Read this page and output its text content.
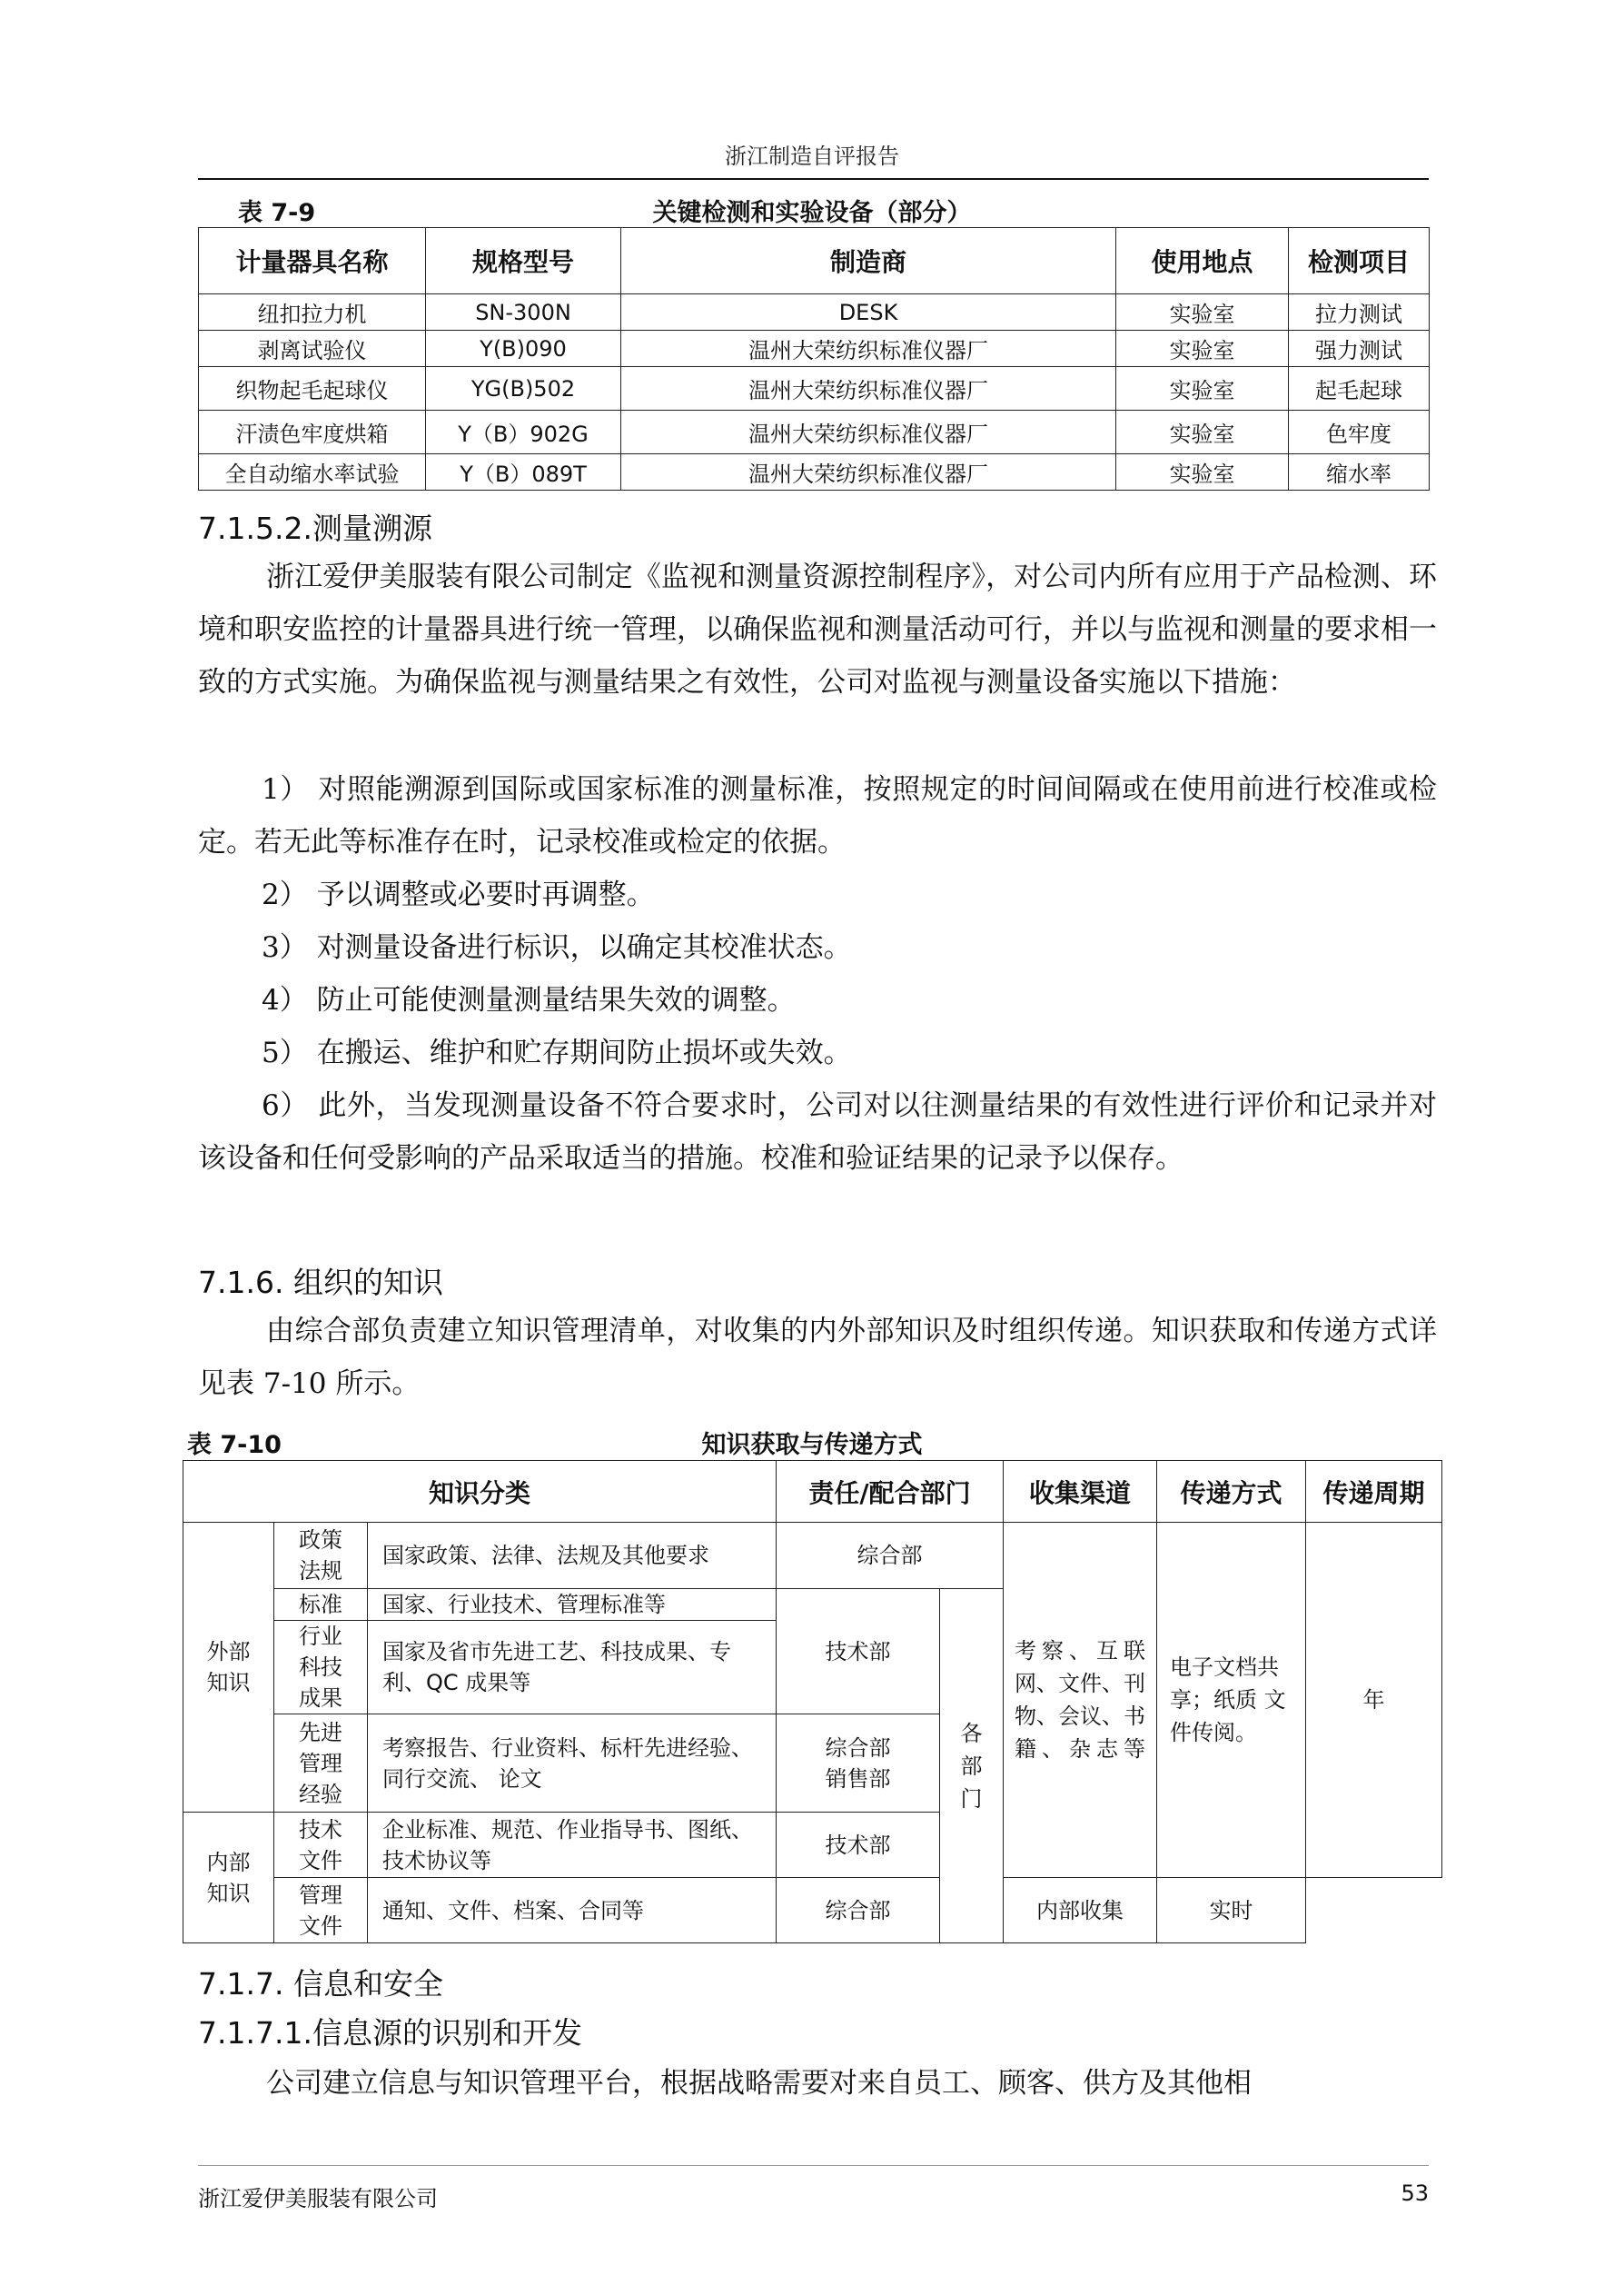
浙江制造自评报告
表 7-9	关键检测和实验设备（部分）
计量器具名称	规格型号	制造商	使用地点	检测项目
纽扣拉力机	SN-300N	DESK	实验室	拉力测试
剥离试验仪	Y(B)090	温州大荣纺织标准仪器厂	实验室	强力测试
织物起毛起球仪	YG(B)502	温州大荣纺织标准仪器厂	实验室	起毛起球
汗渍色牢度烘箱	Y（B）902G	温州大荣纺织标准仪器厂	实验室	色牢度
全自动缩水率试验	Y（B）089T	温州大荣纺织标准仪器厂	实验室	缩水率
7.1.5.2.测量溯源
浙江爱伊美服装有限公司制定《监视和测量资源控制程序》，对公司内所有应用于产品检测、环境和职安监控的计量器具进行统一管理，以确保监视和测量活动可行，并以与监视和测量的要求相一致的方式实施。为确保监视与测量结果之有效性，公司对监视与测量设备实施以下措施：
1） 对照能溯源到国际或国家标准的测量标准，按照规定的时间间隔或在使用前进行校准或检定。若无此等标准存在时，记录校准或检定的依据。
2） 予以调整或必要时再调整。
3） 对测量设备进行标识，以确定其校准状态。
4） 防止可能使测量测量结果失效的调整。
5） 在搬运、维护和贮存期间防止损坏或失效。
6） 此外，当发现测量设备不符合要求时，公司对以往测量结果的有效性进行评价和记录并对该设备和任何受影响的产品采取适当的措施。校准和验证结果的记录予以保存。
7.1.6. 组织的知识
由综合部负责建立知识管理清单，对收集的内外部知识及时组织传递。知识获取和传递方式详见表 7-10 所示。
表 7-10	知识获取与传递方式
知识分类			责任/配合部门		收集渠道	传递方式	传递周期

外部知识	政策法规	国家政策、法律、法规及其他要求	综合部		考察、互联网、文件、刊物、会议、书籍、杂志等	电子文档共享；纸质 文件传阅。	年
	标准	国家、行业技术、管理标准等	技术部	各部门			

	行业科技成果	国家及省市先进工艺、科技成果、专利、QC 成果等					

	先进管理经验	考察报告、行业资料、标杆先进经验、同行交流、 论文	综合部 销售部				

内部知识	技术文件	企业标准、规范、作业指导书、图纸、技术协议等	技术部				

	管理文件	通知、文件、档案、合同等	综合部		内部收集	实时	
7.1.7. 信息和安全
7.1.7.1.信息源的识别和开发
公司建立信息与知识管理平台，根据战略需要对来自员工、顾客、供方及其他相
浙江爱伊美服装有限公司	53
